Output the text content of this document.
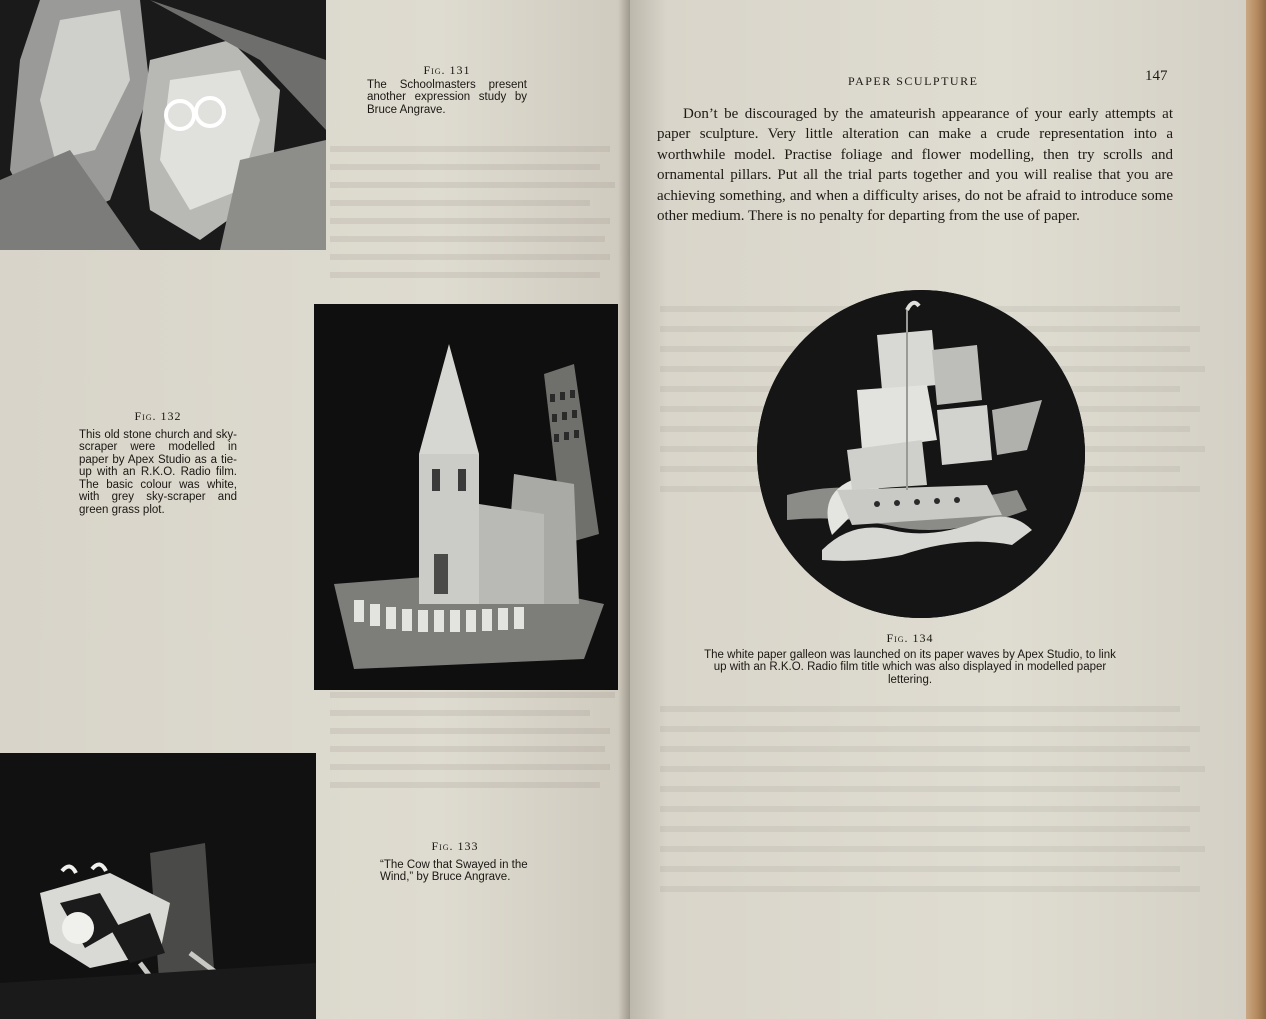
Fig. 131
The Schoolmasters present another expression study by Bruce Angrave.
Fig. 132
This old stone church and sky-scraper were modelled in paper by Apex Studio as a tie-up with an R.K.O. Radio film. The basic colour was white, with grey sky-scraper and green grass plot.
Fig. 133
“The Cow that Swayed in the Wind,” by Bruce Angrave.

PAPER SCULPTURE	147

Don’t be discouraged by the amateurish appearance of your early attempts at paper sculpture. Very little alteration can make a crude representation into a worthwhile model. Practise foliage and flower modelling, then try scrolls and ornamental pillars. Put all the trial parts together and you will realise that you are achieving something, and when a difficulty arises, do not be afraid to introduce some other medium. There is no penalty for departing from the use of paper.

Fig. 134
The white paper galleon was launched on its paper waves by Apex Studio, to link up with an R.K.O. Radio film title which was also displayed in modelled paper lettering.
